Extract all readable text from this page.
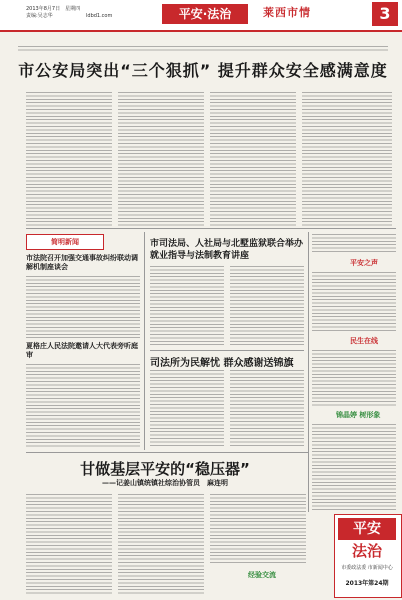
2013年8月7日　星期四
责编:吴志华	ldbd1.com	平安·法治	莱西市情	3
市公安局突出“三个狠抓” 提升群众安全感满意度
简明新闻
市法院召开加强交通事故纠纷联动调解机制座谈会
夏格庄人民法院邀请人大代表旁听庭审
市司法局、人社局与北墅监狱联合举办就业指导与法制教育讲座
司法所为民解忧 群众感谢送锦旗
平安之声
民生在线
锦晶婷 树形象
甘做基层平安的“稳压器”
——记姜山镇统镇社综治协管员　麻连明
经验交流
平安
法治
市委政法委 市新闻中心
2013年第24期
